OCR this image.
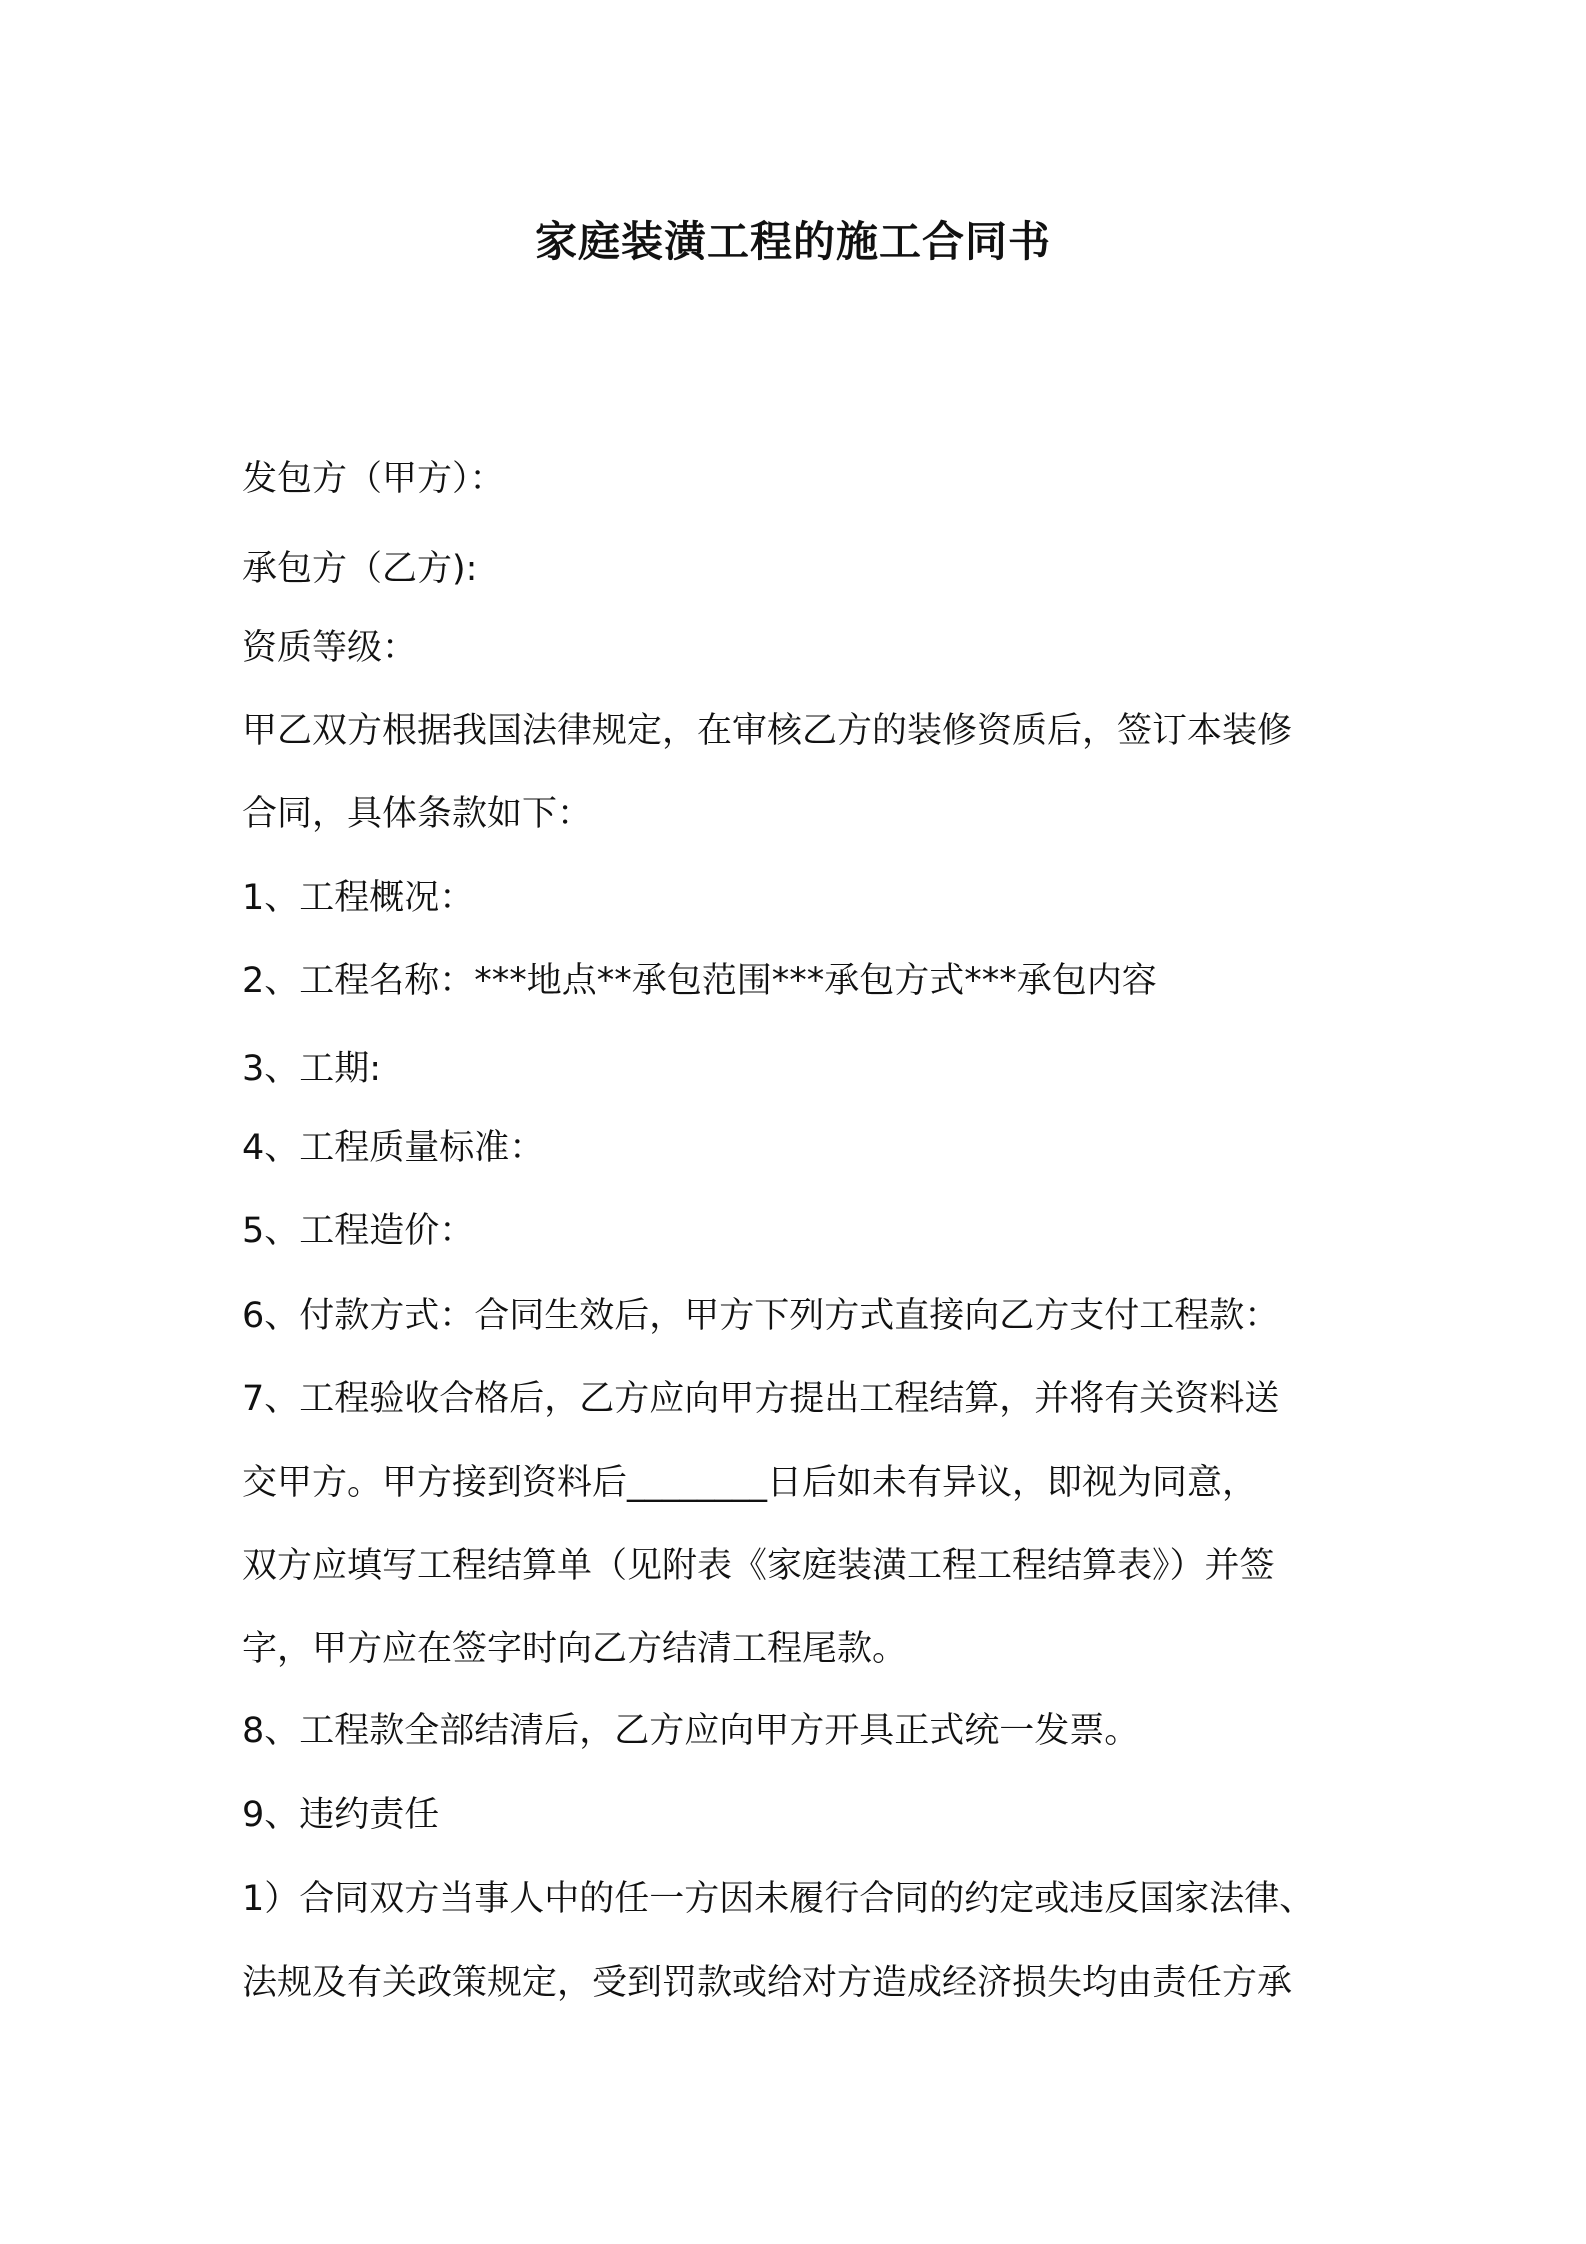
家庭装潢工程的施工合同书
发包方（甲方）：
承包方（乙方):
资质等级：
甲乙双方根据我国法律规定，在审核乙方的装修资质后，签订本装修
合同，具体条款如下：
1、工程概况：
2、工程名称：***地点**承包范围***承包方式***承包内容
3、工期:
4、工程质量标准：
5、工程造价：
6、付款方式：合同生效后，甲方下列方式直接向乙方支付工程款：
7、工程验收合格后，乙方应向甲方提出工程结算，并将有关资料送
交甲方。甲方接到资料后________日后如未有异议，即视为同意，
双方应填写工程结算单（见附表《家庭装潢工程工程结算表》）并签
字，甲方应在签字时向乙方结清工程尾款。
8、工程款全部结清后，乙方应向甲方开具正式统一发票。
9、违约责任
1）合同双方当事人中的任一方因未履行合同的约定或违反国家法律、
法规及有关政策规定，受到罚款或给对方造成经济损失均由责任方承
